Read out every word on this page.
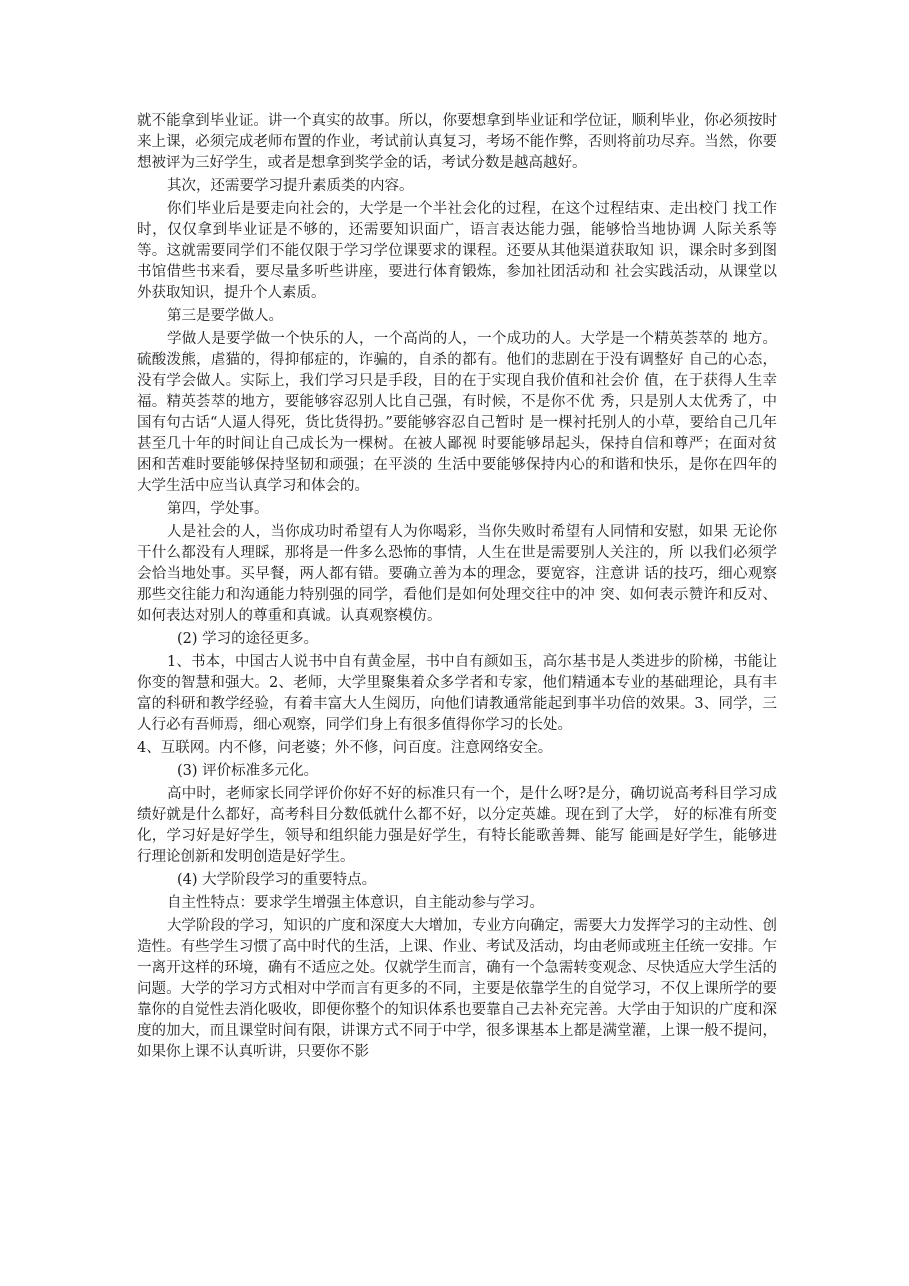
就不能拿到毕业证。讲一个真实的故事。所以，你要想拿到毕业证和学位证，顺利毕业，你必须按时来上课，必须完成老师布置的作业，考试前认真复习，考场不能作弊，否则将前功尽弃。当然，你要想被评为三好学生，或者是想拿到奖学金的话，考试分数是越高越好。

其次，还需要学习提升素质类的内容。

你们毕业后是要走向社会的，大学是一个半社会化的过程，在这个过程结束、走出校门 找工作时，仅仅拿到毕业证是不够的，还需要知识面广，语言表达能力强，能够恰当地协调 人际关系等等。这就需要同学们不能仅限于学习学位课要求的课程。还要从其他渠道获取知 识，课余时多到图书馆借些书来看，要尽量多听些讲座，要进行体育锻炼，参加社团活动和 社会实践活动，从课堂以外获取知识，提升个人素质。

第三是要学做人。

学做人是要学做一个快乐的人，一个高尚的人，一个成功的人。大学是一个精英荟萃的 地方。硫酸泼熊，虐猫的，得抑郁症的，诈骗的，自杀的都有。他们的悲剧在于没有调整好 自己的心态，没有学会做人。实际上，我们学习只是手段，目的在于实现自我价值和社会价 值，在于获得人生幸福。精英荟萃的地方，要能够容忍别人比自己强，有时候，不是你不优 秀，只是别人太优秀了，中国有句古话“人逼人得死，货比货得扔。”要能够容忍自己暂时 是一棵衬托别人的小草，要给自己几年甚至几十年的时间让自己成长为一棵树。在被人鄙视 时要能够昂起头，保持自信和尊严；在面对贫困和苦难时要能够保持坚韧和顽强；在平淡的 生活中要能够保持内心的和谐和快乐，是你在四年的大学生活中应当认真学习和体会的。

第四，学处事。

人是社会的人，当你成功时希望有人为你喝彩，当你失败时希望有人同情和安慰，如果 无论你干什么都没有人理睬，那将是一件多么恐怖的事情，人生在世是需要别人关注的，所 以我们必须学会恰当地处事。买早餐，两人都有错。要确立善为本的理念，要宽容，注意讲 话的技巧，细心观察那些交往能力和沟通能力特别强的同学，看他们是如何处理交往中的冲 突、如何表示赞许和反对、如何表达对别人的尊重和真诚。认真观察模仿。

(2) 学习的途径更多。

1、书本，中国古人说书中自有黄金屋，书中自有颜如玉，高尔基书是人类进步的阶梯，书能让你变的智慧和强大。2、老师，大学里聚集着众多学者和专家，他们精通本专业的基础理论，具有丰富的科研和教学经验，有着丰富大人生阅历，向他们请教通常能起到事半功倍的效果。3、同学，三人行必有吾师焉，细心观察，同学们身上有很多值得你学习的长处。

4、互联网。内不修，问老婆；外不修，问百度。注意网络安全。

(3) 评价标准多元化。

高中时，老师家长同学评价你好不好的标准只有一个，是什么呀?是分，确切说高考科目学习成绩好就是什么都好，高考科目分数低就什么都不好，以分定英雄。现在到了大学， 好的标准有所变化，学习好是好学生，领导和组织能力强是好学生，有特长能歌善舞、能写 能画是好学生，能够进行理论创新和发明创造是好学生。

(4) 大学阶段学习的重要特点。

自主性特点：要求学生增强主体意识，自主能动参与学习。

大学阶段的学习，知识的广度和深度大大增加，专业方向确定，需要大力发挥学习的主动性、创造性。有些学生习惯了高中时代的生活，上课、作业、考试及活动，均由老师或班主任统一安排。乍一离开这样的环境，确有不适应之处。仅就学生而言，确有一个急需转变观念、尽快适应大学生活的问题。大学的学习方式相对中学而言有更多的不同，主要是依靠学生的自觉学习，不仅上课所学的要靠你的自觉性去消化吸收，即便你整个的知识体系也要靠自己去补充完善。大学由于知识的广度和深度的加大，而且课堂时间有限，讲课方式不同于中学，很多课基本上都是满堂灌，上课一般不提问，如果你上课不认真听讲，只要你不影
